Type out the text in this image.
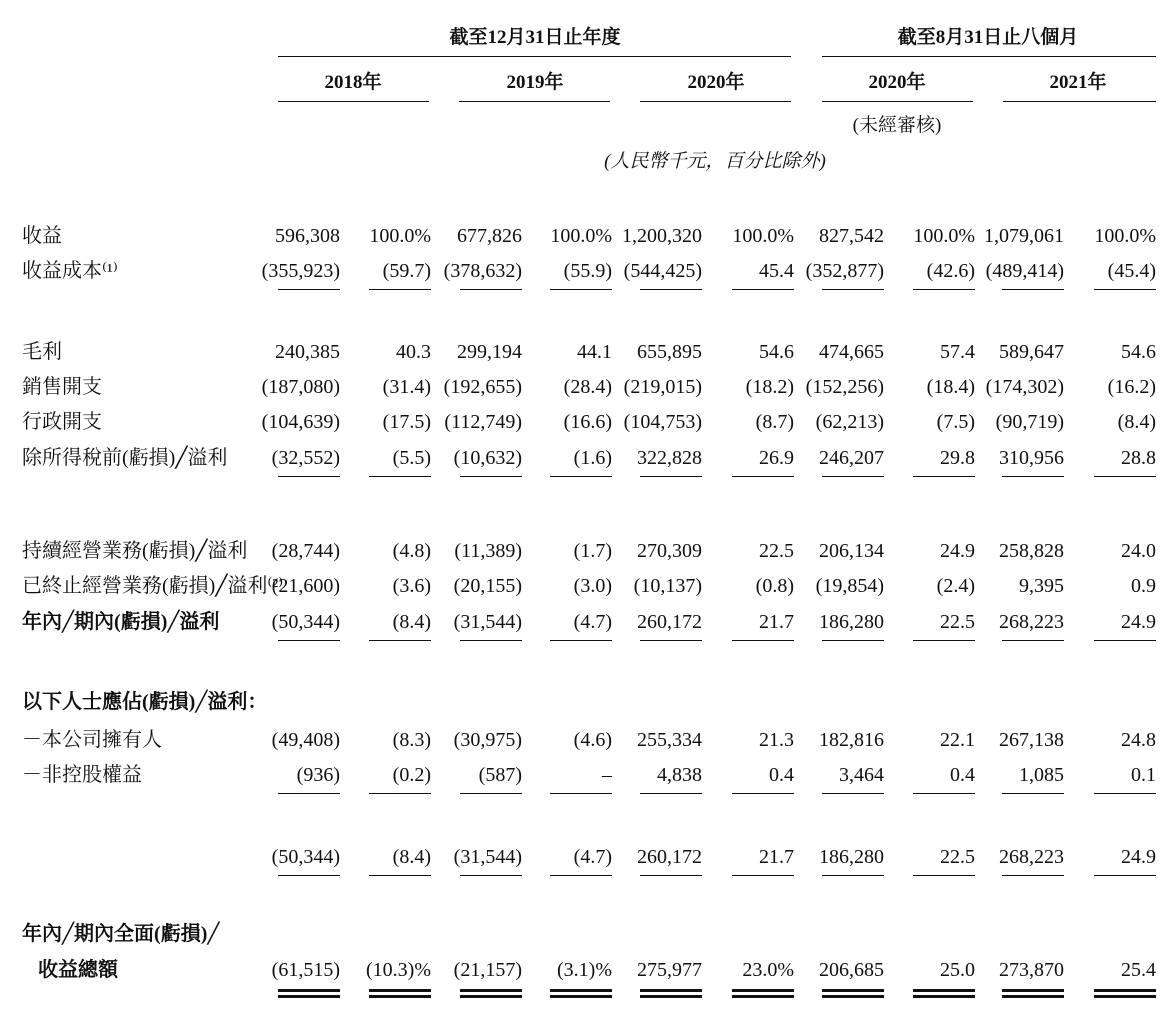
截至12月31日止年度	截至8月31日止八個月
2018年	2019年	2020年	2020年	2021年
(未經審核)
(人民幣千元，百分比除外)
收益	596,308 100.0% 677,826 100.0% 1,200,320 100.0% 827,542 100.0% 1,079,061 100.0%
收益成本⁽¹⁾	(355,923) (59.7) (378,632) (55.9) (544,425)	45.4 (352,877) (42.6) (489,414) (45.4)
毛利	240,385	40.3 299,194	44.1 655,895	54.6 474,665	57.4 589,647	54.6
銷售開支	(187,080) (31.4) (192,655) (28.4) (219,015) (18.2) (152,256) (18.4) (174,302) (16.2)
行政開支	(104,639) (17.5) (112,749) (16.6) (104,753)	(8.7) (62,213)	(7.5) (90,719)	(8.4)
除所得稅前(虧損)╱溢利 (32,552)	(5.5) (10,632)	(1.6) 322,828	26.9 246,207	29.8 310,956	28.8
持續經營業務(虧損)╱溢利 (28,744)	(4.8) (11,389)	(1.7) 270,309	22.5 206,134	24.9 258,828	24.0
已終止經營業務(虧損)╱溢利⁽²⁾
(21,600)	(3.6) (20,155)	(3.0) (10,137)	(0.8) (19,854)	(2.4) 9,395	0.9
年內╱期內(虧損)╱溢利	(50,344)	(8.4) (31,544)	(4.7) 260,172	21.7 186,280	22.5 268,223	24.9
以下人士應佔(虧損)╱溢利：
－本公司擁有人	(49,408)	(8.3) (30,975)	(4.6) 255,334	21.3 182,816	22.1 267,138	24.8
－非控股權益	(936)	(0.2) (587)	– 4,838	0.4 3,464	0.4 1,085	0.1
(50,344)	(8.4) (31,544)	(4.7) 260,172	21.7 186,280	22.5 268,223	24.9
年內╱期內全面(虧損)╱
收益總額	(61,515) (10.3)% (21,157) (3.1)% 275,977 23.0% 206,685	25.0 273,870	25.4
